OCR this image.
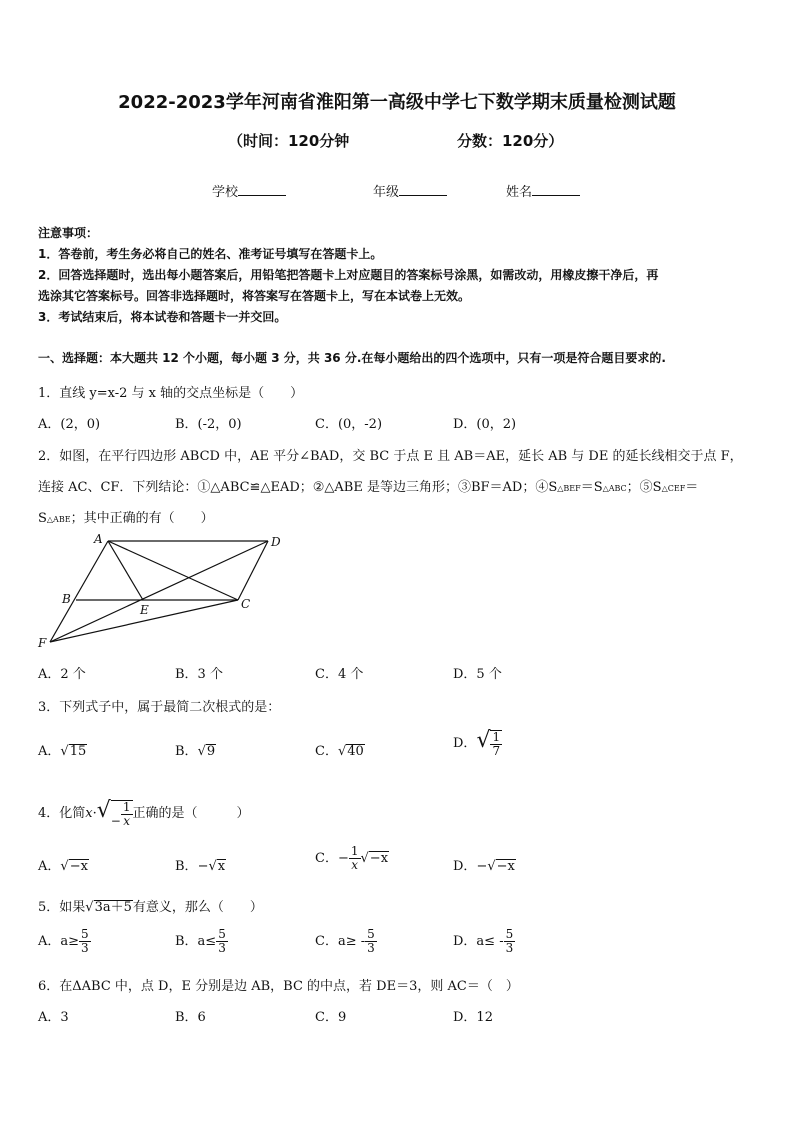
2022-2023学年河南省淮阳第一高级中学七下数学期末质量检测试题
（时间：120分钟	分数：120分）
学校	年级	姓名
注意事项：
1．答卷前，考生务必将自己的姓名、准考证号填写在答题卡上。
2．回答选择题时，选出每小题答案后，用铅笔把答题卡上对应题目的答案标号涂黑，如需改动，用橡皮擦干净后，再
选涂其它答案标号。回答非选择题时，将答案写在答题卡上，写在本试卷上无效。
3．考试结束后，将本试卷和答题卡一并交回。
一、选择题：本大题共 12 个小题，每小题 3 分，共 36 分.在每小题给出的四个选项中，只有一项是符合题目要求的.
1．直线 y=x-2 与 x 轴的交点坐标是（　　）
A．(2，0)	B．(-2，0)	C．(0，-2)	D．(0，2)
2．如图，在平行四边形 ABCD 中，AE 平分∠BAD，交 BC 于点 E 且 AB＝AE，延长 AB 与 DE 的延长线相交于点 F，
连接 AC、CF．下列结论：①△ABC≌△EAD；②△ABE 是等边三角形；③BF＝AD；④S△BEF＝S△ABC；⑤S△CEF＝
S△ABE；其中正确的有（　　）
A	D
B
E	C
F
A．2 个	B．3 个	C．4 个	D．5 个
3．下列式子中，属于最简二次根式的是：
A．√15	B．√9	C．√40
D．√ $\frac{1}{7}$
4．化简$x\cdot√- \frac{1}{x}$ 正确的是（　　　）
A．√−x	B．−√x
C．− $\frac{1}{x} √-x$
D．−√−x
5．如果√3a＋5有意义，那么（　　）
A．$a\ge \frac{5}{3}$	B．$a\le \frac{5}{3}$	C．$a\ge - \frac{5}{3}$	D．$a\le - \frac{5}{3}$
6．在ΔABC 中，点 D，E 分别是边 AB，BC 的中点，若 DE＝3，则 AC＝（　）
A．3	B．6	C．9	D．12
